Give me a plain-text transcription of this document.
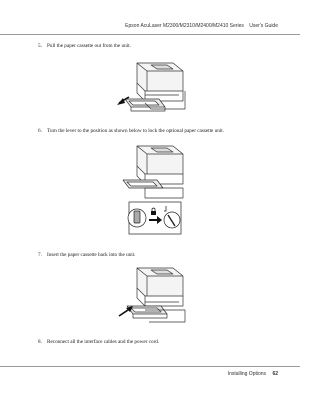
Epson AcuLaser M2300/M2310/M2400/M2410 Series User's Guide
5. Pull the paper cassette out from the unit.
6. Turn the lever to the position as shown below to lock the optional paper cassette unit.
7. Insert the paper cassette back into the unit.
8. Reconnect all the interface cables and the power cord.
Installing Options 62
